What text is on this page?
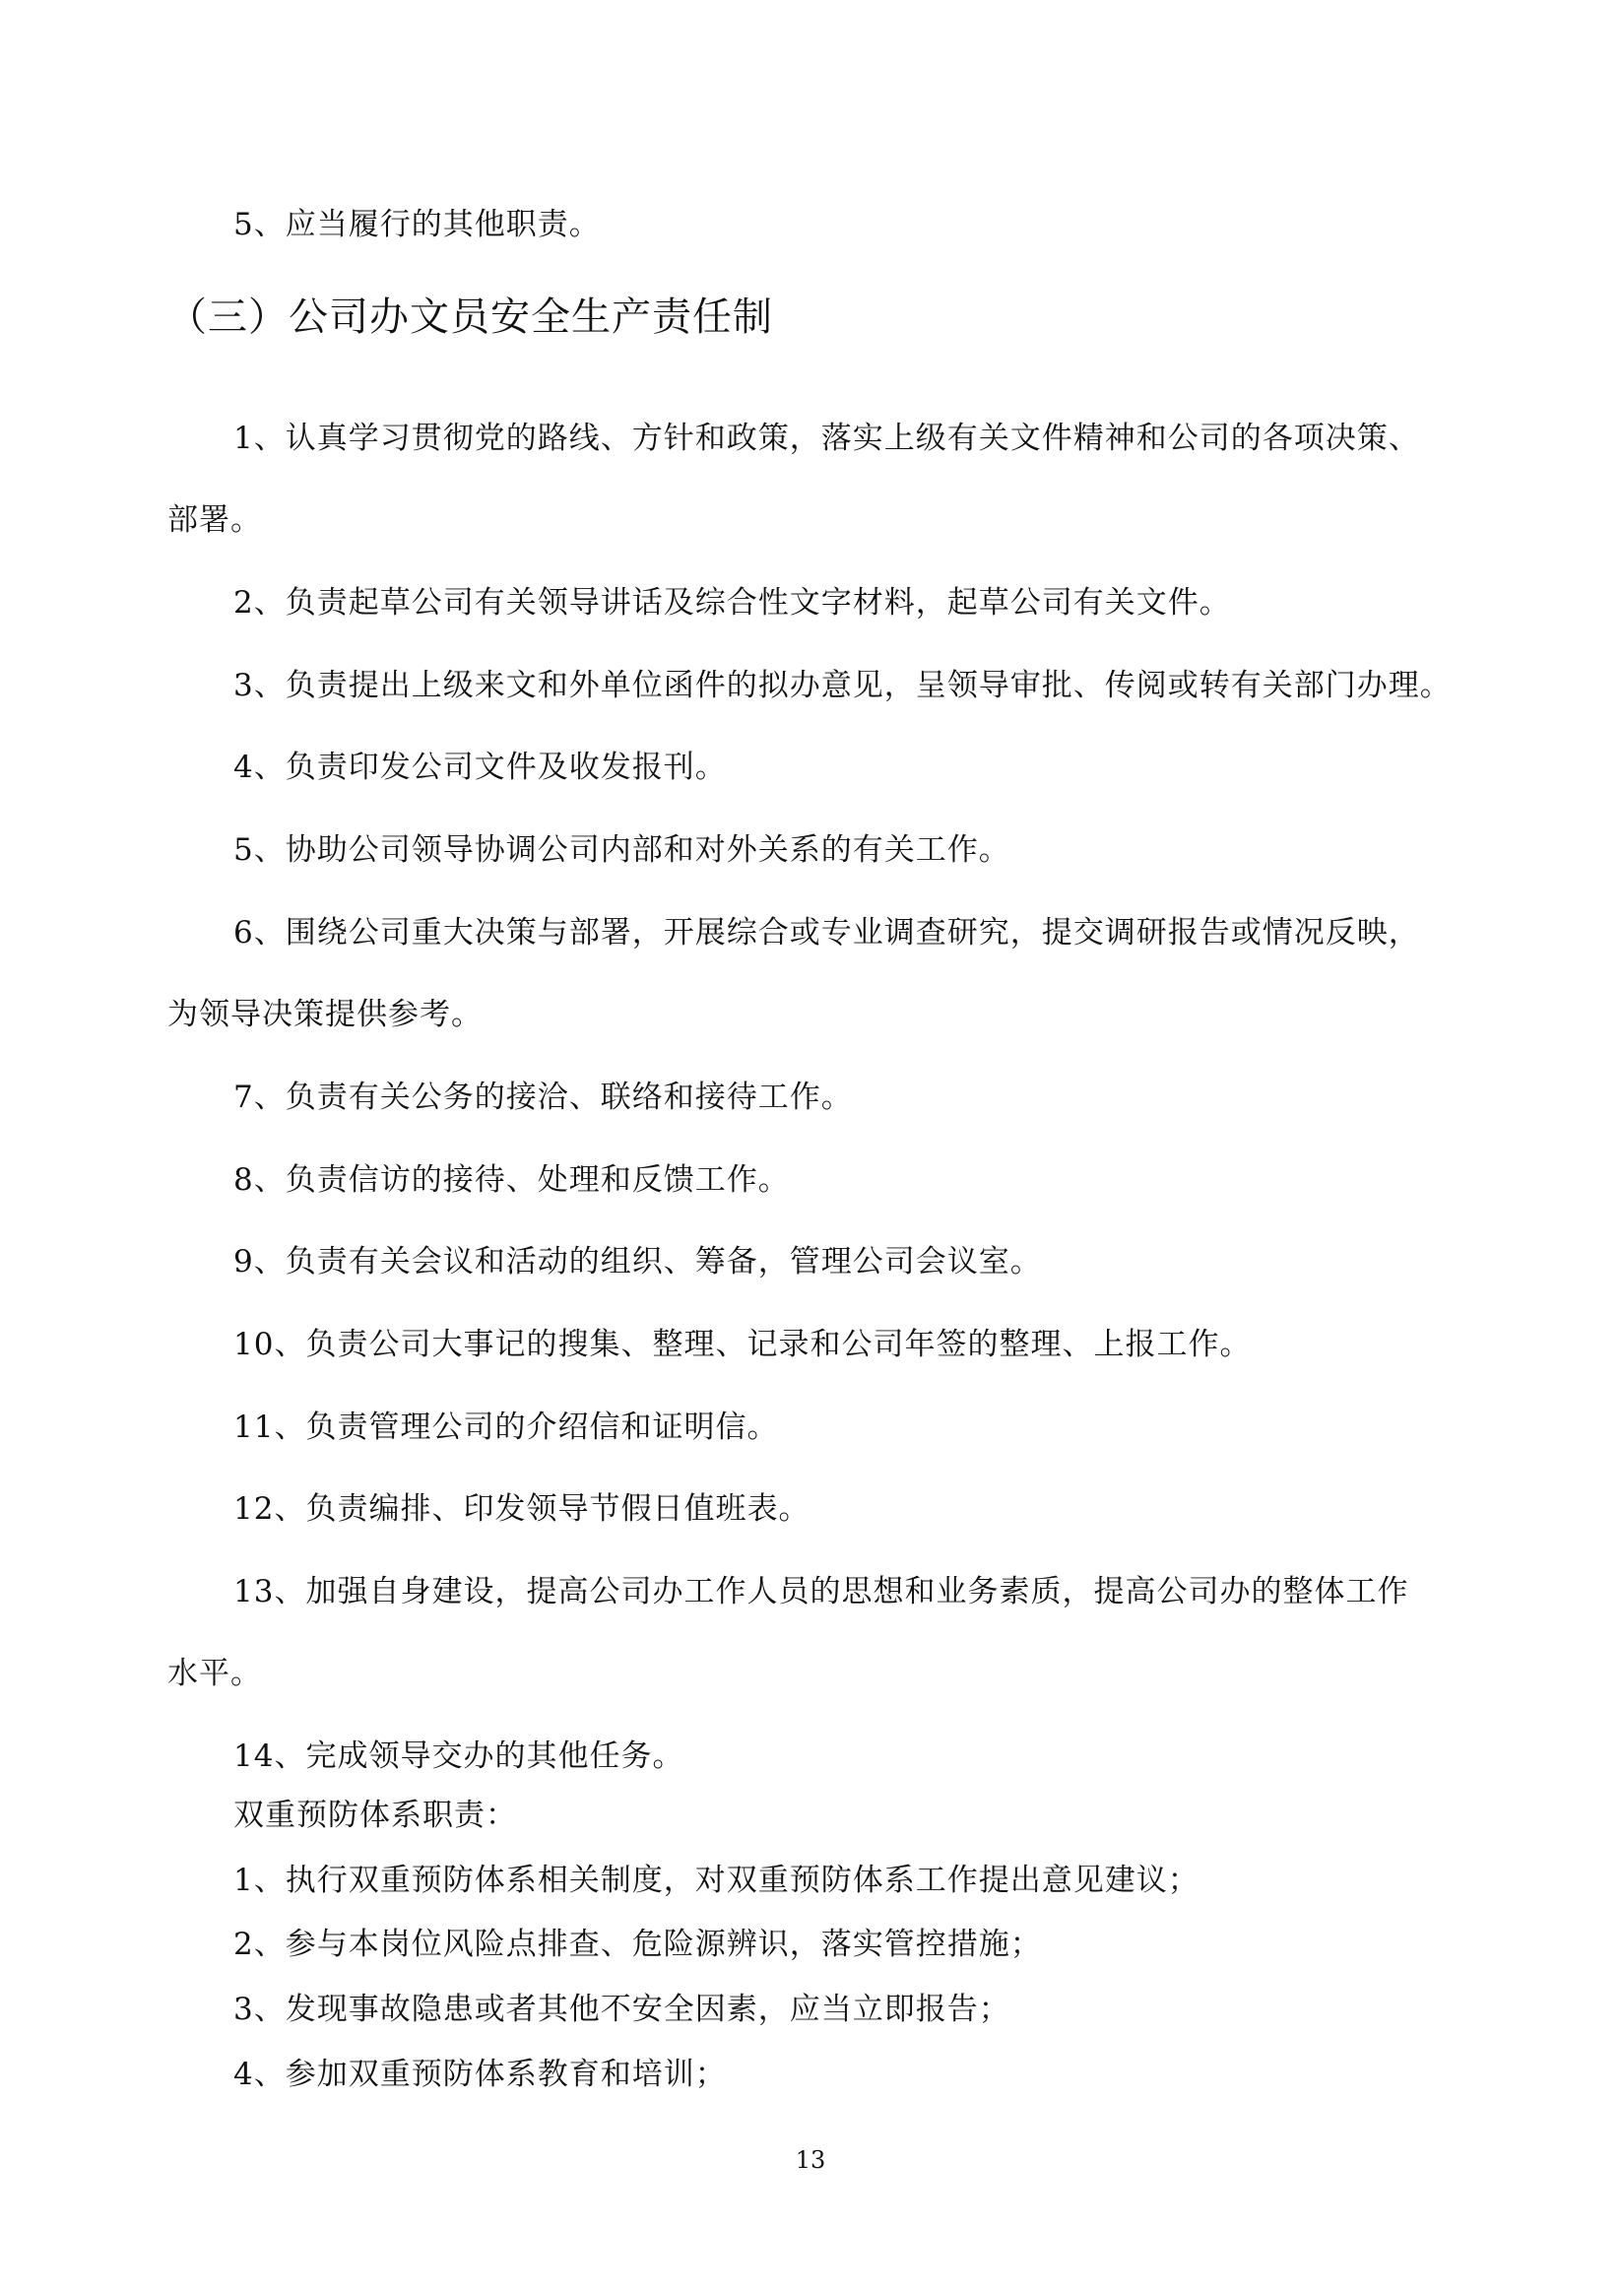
5、应当履行的其他职责。
（三）公司办文员安全生产责任制
1、认真学习贯彻党的路线、方针和政策，落实上级有关文件精神和公司的各项决策、
部署。
2、负责起草公司有关领导讲话及综合性文字材料，起草公司有关文件。
3、负责提出上级来文和外单位函件的拟办意见，呈领导审批、传阅或转有关部门办理。
4、负责印发公司文件及收发报刊。
5、协助公司领导协调公司内部和对外关系的有关工作。
6、围绕公司重大决策与部署，开展综合或专业调查研究，提交调研报告或情况反映，
为领导决策提供参考。
7、负责有关公务的接洽、联络和接待工作。
8、负责信访的接待、处理和反馈工作。
9、负责有关会议和活动的组织、筹备，管理公司会议室。
10、负责公司大事记的搜集、整理、记录和公司年签的整理、上报工作。
11、负责管理公司的介绍信和证明信。
12、负责编排、印发领导节假日值班表。
13、加强自身建设，提高公司办工作人员的思想和业务素质，提高公司办的整体工作
水平。
14、完成领导交办的其他任务。
双重预防体系职责：
1、执行双重预防体系相关制度，对双重预防体系工作提出意见建议；
2、参与本岗位风险点排查、危险源辨识，落实管控措施；
3、发现事故隐患或者其他不安全因素，应当立即报告；
4、参加双重预防体系教育和培训；
13
